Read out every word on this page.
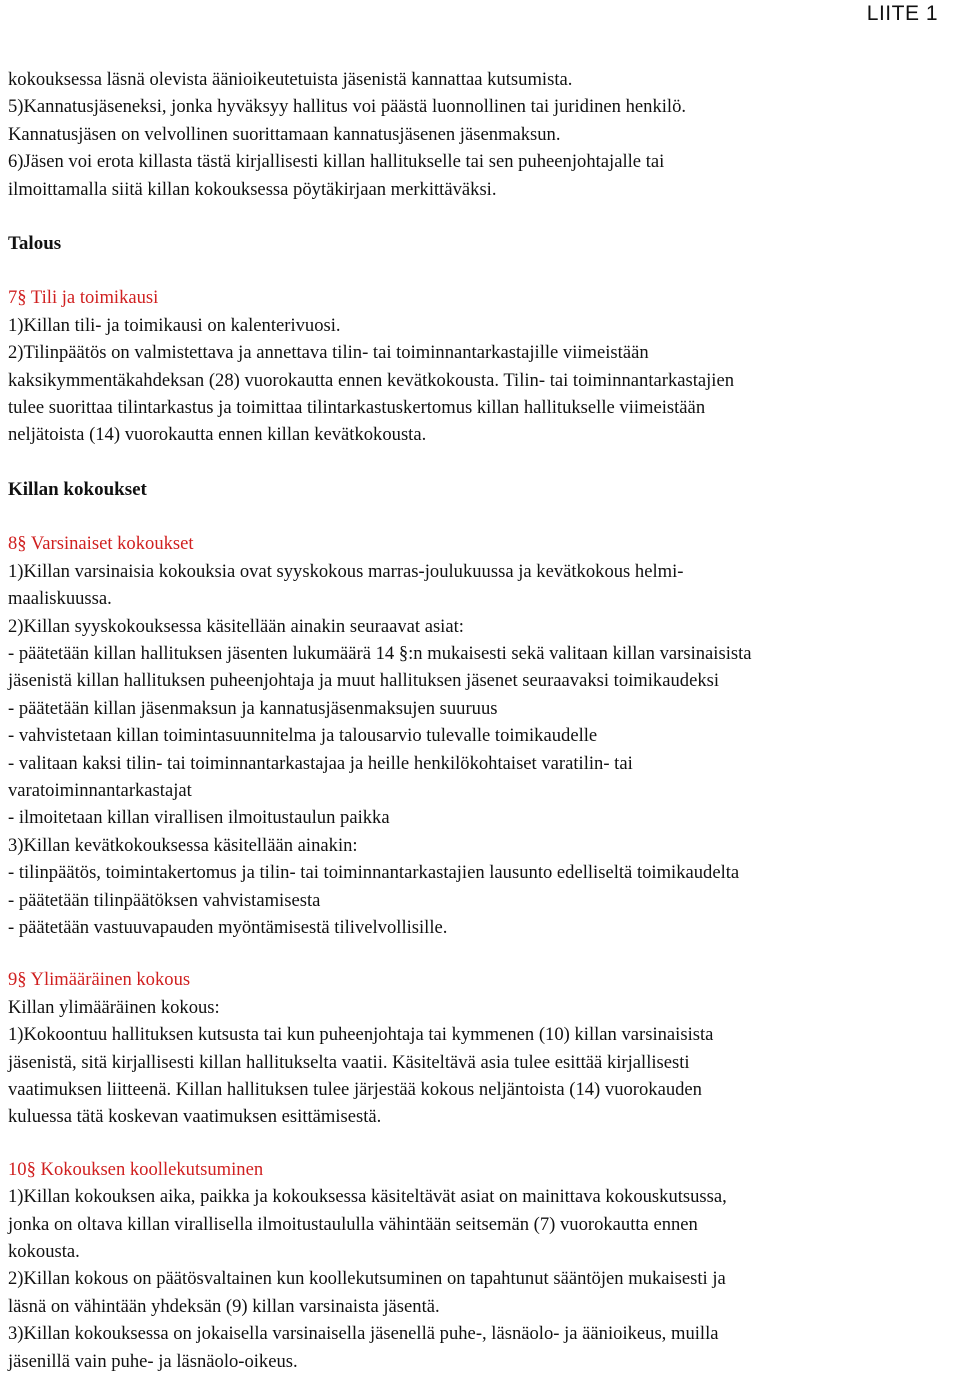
LIITE 1
kokouksessa läsnä olevista äänioikeutetuista jäsenistä kannattaa kutsumista.
5)Kannatusjäseneksi, jonka hyväksyy hallitus voi päästä luonnollinen tai juridinen henkilö.
Kannatusjäsen on velvollinen suorittamaan kannatusjäsenen jäsenmaksun.
6)Jäsen voi erota killasta tästä kirjallisesti killan hallitukselle tai sen puheenjohtajalle tai
ilmoittamalla siitä killan kokouksessa pöytäkirjaan merkittäväksi.
Talous
7§ Tili ja toimikausi
1)Killan tili- ja toimikausi on kalenterivuosi.
2)Tilinpäätös on valmistettava ja annettava tilin- tai toiminnantarkastajille viimeistään
kaksikymmentäkahdeksan (28) vuorokautta ennen kevätkokousta. Tilin- tai toiminnantarkastajien
tulee suorittaa tilintarkastus ja toimittaa tilintarkastuskertomus killan hallitukselle viimeistään
neljätoista (14) vuorokautta ennen killan kevätkokousta.
Killan kokoukset
8§ Varsinaiset kokoukset
1)Killan varsinaisia kokouksia ovat syyskokous marras-joulukuussa ja kevätkokous helmi-
maaliskuussa.
2)Killan syyskokouksessa käsitellään ainakin seuraavat asiat:
- päätetään killan hallituksen jäsenten lukumäärä 14 §:n mukaisesti sekä valitaan killan varsinaisista
jäsenistä killan hallituksen puheenjohtaja ja muut hallituksen jäsenet seuraavaksi toimikaudeksi
- päätetään killan jäsenmaksun ja kannatusjäsenmaksujen suuruus
- vahvistetaan killan toimintasuunnitelma ja talousarvio tulevalle toimikaudelle
- valitaan kaksi tilin- tai toiminnantarkastajaa ja heille henkilökohtaiset varatilin- tai
varatoiminnantarkastajat
- ilmoitetaan killan virallisen ilmoitustaulun paikka
3)Killan kevätkokouksessa käsitellään ainakin:
- tilinpäätös, toimintakertomus ja tilin- tai toiminnantarkastajien lausunto edelliseltä toimikaudelta
- päätetään tilinpäätöksen vahvistamisesta
- päätetään vastuuvapauden myöntämisestä tilivelvollisille.
9§ Ylimääräinen kokous
Killan ylimääräinen kokous:
1)Kokoontuu hallituksen kutsusta tai kun puheenjohtaja tai kymmenen (10) killan varsinaisista
jäsenistä, sitä kirjallisesti killan hallitukselta vaatii. Käsiteltävä asia tulee esittää kirjallisesti
vaatimuksen liitteenä. Killan hallituksen tulee järjestää kokous neljäntoista (14) vuorokauden
kuluessa tätä koskevan vaatimuksen esittämisestä.
10§ Kokouksen koollekutsuminen
1)Killan kokouksen aika, paikka ja kokouksessa käsiteltävät asiat on mainittava kokouskutsussa,
jonka on oltava killan virallisella ilmoitustaululla vähintään seitsemän (7) vuorokautta ennen
kokousta.
2)Killan kokous on päätösvaltainen kun koollekutsuminen on tapahtunut sääntöjen mukaisesti ja
läsnä on vähintään yhdeksän (9) killan varsinaista jäsentä.
3)Killan kokouksessa on jokaisella varsinaisella jäsenellä puhe-, läsnäolo- ja äänioikeus, muilla
jäsenillä vain puhe- ja läsnäolo-oikeus.
